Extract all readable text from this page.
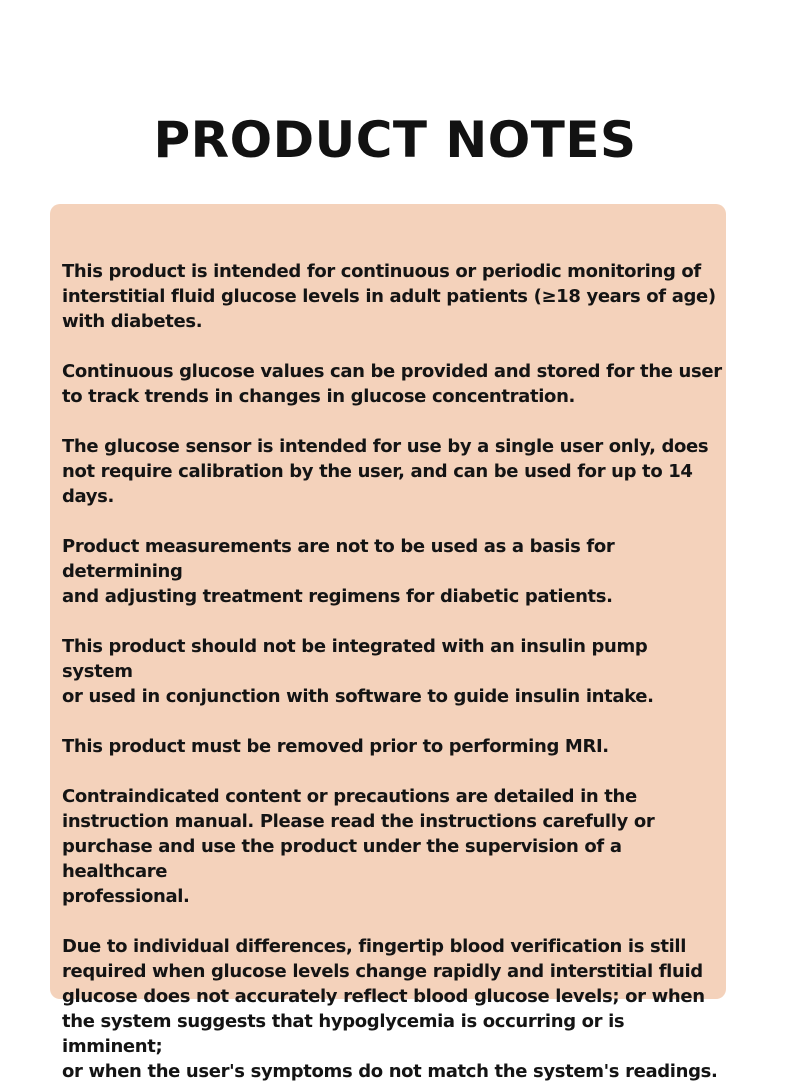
PRODUCT NOTES

This product is intended for continuous or periodic monitoring of
interstitial fluid glucose levels in adult patients (≥18 years of age)
with diabetes.

Continuous glucose values can be provided and stored for the user
to track trends in changes in glucose concentration.

The glucose sensor is intended for use by a single user only, does
not require calibration by the user, and can be used for up to 14 days.

Product measurements are not to be used as a basis for determining
and adjusting treatment regimens for diabetic patients.

This product should not be integrated with an insulin pump system
or used in conjunction with software to guide insulin intake.

This product must be removed prior to performing MRI.

Contraindicated content or precautions are detailed in the
instruction manual. Please read the instructions carefully or
purchase and use the product under the supervision of a healthcare
professional.

Due to individual differences, fingertip blood verification is still
required when glucose levels change rapidly and interstitial fluid
glucose does not accurately reflect blood glucose levels; or when
the system suggests that hypoglycemia is occurring or is imminent;
or when the user's symptoms do not match the system's readings.
